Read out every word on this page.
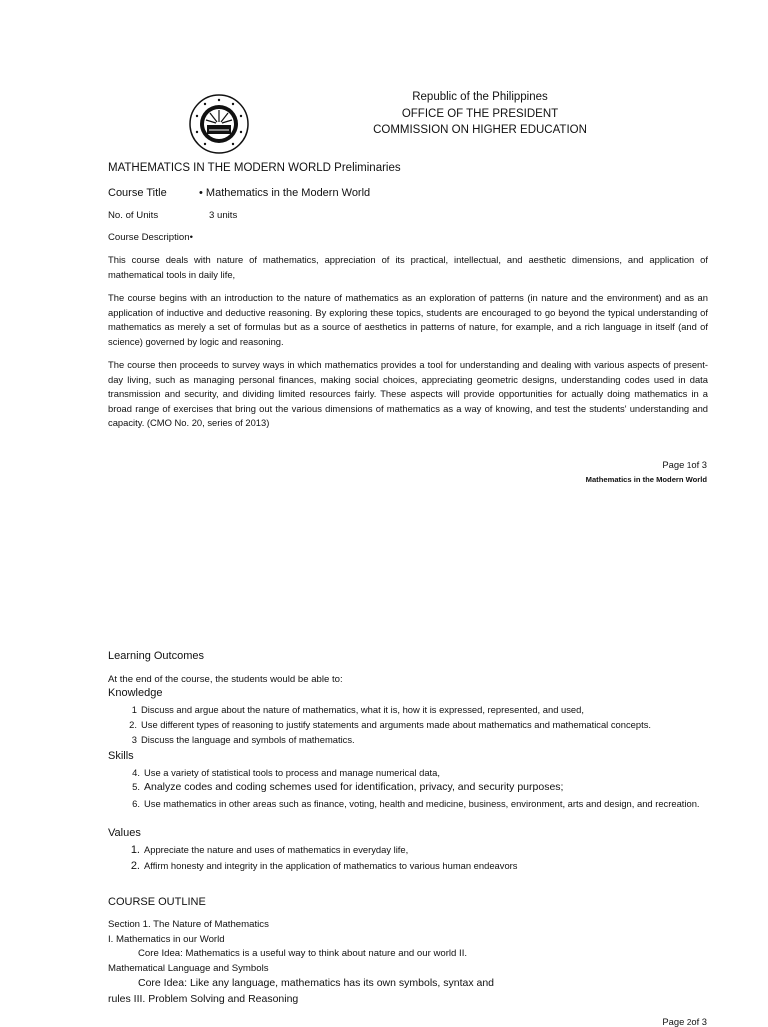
Republic of the Philippines
OFFICE OF THE PRESIDENT
COMMISSION ON HIGHER EDUCATION
MATHEMATICS IN THE MODERN WORLD Preliminaries
Course Title	• Mathematics in the Modern World
No. of Units	3 units
Course Description•

This course deals with nature of mathematics, appreciation of its practical, intellectual, and aesthetic dimensions, and application of mathematical tools in daily life,

The course begins with an introduction to the nature of mathematics as an exploration of patterns (in nature and the environment) and as an application of inductive and deductive reasoning. By exploring these topics, students are encouraged to go beyond the typical understanding of mathematics as merely a set of formulas but as a source of aesthetics in patterns of nature, for example, and a rich language in itself (and of science) governed by logic and reasoning.

The course then proceeds to survey ways in which mathematics provides a tool for understanding and dealing with various aspects of present-day living, such as managing personal finances, making social choices, appreciating geometric designs, understanding codes used in data transmission and security, and dividing limited resources fairly. These aspects will provide opportunities for actually doing mathematics in a broad range of exercises that bring out the various dimensions of mathematics as a way of knowing, and test the students' understanding and capacity. (CMO No. 20, series of 2013)

Page 1of 3
Mathematics in the Modern World
Learning Outcomes
At the end of the course, the students would be able to:
Knowledge
1 Discuss and argue about the nature of mathematics, what it is, how it is expressed, represented, and used,
2. Use different types of reasoning to justify statements and arguments made about mathematics and mathematical concepts.
3 Discuss the language and symbols of mathematics.
Skills
4. Use a variety of statistical tools to process and manage numerical data,
5. Analyze codes and coding schemes used for identification, privacy, and security purposes;
6. Use mathematics in other areas such as finance, voting, health and medicine, business, environment, arts and design, and recreation.
Values
1. Appreciate the nature and uses of mathematics in everyday life,
2. Affirm honesty and integrity in the application of mathematics to various human endeavors
COURSE OUTLINE
Section 1. The Nature of Mathematics
I. Mathematics in our World
Core Idea: Mathematics is a useful way to think about nature and our world II.
Mathematical Language and Symbols
Core Idea: Like any language, mathematics has its own symbols, syntax and
rules III. Problem Solving and Reasoning
Page 2of 3
